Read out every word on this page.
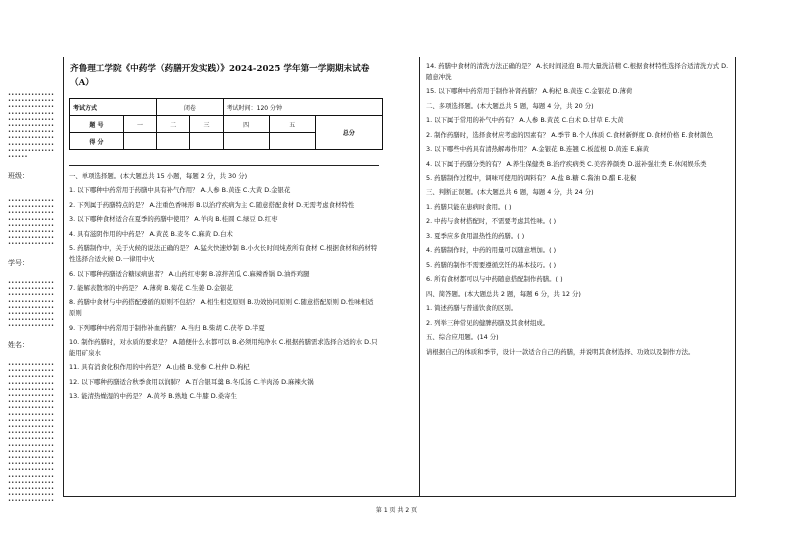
••••••••••••••••••••••••••••••••••••••••••••••••••••••••••••••••••••••••••••••••••••••••••••••••••••••••••••••••••••••••••••••••••••••••••••••••••
班级：
••••••••••••••••••••••••••••••••••••••••••••••••••••••••••••••••••••••••••••••••••••••••••••••••••••••••••••••••
学号：
••••••••••••••••••••••••••••••••••••••••••••••••••••••••••••••••••••••••••••••••••••••••••••••••••••••••••••••••
姓名：
••••••••••••••••••••••••••••••••••••••••••••••••••••••••••••••••••••••••••••••••••••••••••••••••••••••••••••••••••••••••••••••••••••••••••••••••••••••••••••••••••••••••••••••••••••••••••••••••••••••••••••••••••••••••••••••••••••••••••••••••••••••••••••••••••••••••••••••••••••••••••••••••••••••••••••••••••••••••••••••••••
齐鲁理工学院《中药学（药膳开发实践）》2024-2025 学年第一学期期末试卷（A）
考试方式		闭卷		考试时间：120 分钟		
题 号	一	二	三	四	五	总分
得 分						

一、单项选择题。(本大题总共 15 小题，每题 2 分，共 30 分)

1. 以下哪种中药常用于药膳中具有补气作用？ A.人参 B.黄连 C.大黄 D.金银花

2. 下列属于药膳特点的是？ A.注重色香味形 B.以治疗疾病为主 C.随意搭配食材 D.无需考虑食材特性

3. 以下哪种食材适合在夏季的药膳中使用？ A.羊肉 B.桂圆 C.绿豆 D.红枣

4. 具有滋阴作用的中药是？ A.黄芪 B.麦冬 C.麻黄 D.白术

5. 药膳制作中，关于火候的说法正确的是？ A.猛火快速炒制 B.小火长时间炖煮所有食材 C.根据食材和药材特性选择合适火候 D.一律用中火

6. 以下哪种药膳适合糖尿病患者？ A.山药红枣粥 B.凉拌苦瓜 C.麻辣香锅 D.油炸鸡腿

7. 能解表散寒的中药是？ A.薄荷 B.菊花 C.生姜 D.金银花

8. 药膳中食材与中药搭配遵循的原则不包括？ A.相生相克原则 B.功效协同原则 C.随意搭配原则 D.性味相适原则

9. 下列哪种中药常用于制作补血药膳？ A.当归 B.柴胡 C.茯苓 D.半夏

10. 制作药膳时，对水质的要求是？ A.随便什么水都可以 B.必须用纯净水 C.根据药膳需求选择合适的水 D.只能用矿泉水

11. 具有消食化积作用的中药是？ A.山楂 B.党参 C.杜仲 D.枸杞

12. 以下哪种药膳适合秋季食用以润肺？ A.百合银耳羹 B.冬瓜汤 C.羊肉汤 D.麻辣火锅

13. 能清热燥湿的中药是？ A.黄芩 B.熟地 C.牛膝 D.桑寄生

14. 药膳中食材的清洗方法正确的是？ A.长时间浸泡 B.用大量洗洁精 C.根据食材特性选择合适清洗方式 D.随意冲洗

15. 以下哪种中药常用于制作补肾药膳？ A.枸杞 B.黄连 C.金银花 D.薄荷

二、多项选择题。(本大题总共 5 题，每题 4 分，共 20 分)

1. 以下属于常用的补气中药有？ A.人参 B.黄芪 C.白术 D.甘草 E.大黄

2. 制作药膳时，选择食材应考虑的因素有？ A.季节 B.个人体质 C.食材新鲜度 D.食材价格 E.食材颜色

3. 以下哪些中药具有清热解毒作用？ A.金银花 B.连翘 C.板蓝根 D.黄连 E.麻黄

4. 以下属于药膳分类的有？ A.养生保健类 B.治疗疾病类 C.美容养颜类 D.滋补强壮类 E.休闲娱乐类

5. 药膳制作过程中，调味可使用的调料有？ A.盐 B.糖 C.酱油 D.醋 E.花椒

三、判断正误题。(本大题总共 6 题，每题 4 分，共 24 分)

1. 药膳只能在患病时食用。( )

2. 中药与食材搭配时，不需要考虑其性味。( )

3. 夏季应多食用温热性的药膳。( )

4. 药膳制作时，中药的用量可以随意增加。( )

5. 药膳的制作不需要遵循烹饪的基本技巧。( )

6. 所有食材都可以与中药随意搭配制作药膳。( )

四、简答题。(本大题总共 2 题，每题 6 分，共 12 分)

1. 简述药膳与普通饮食的区别。

2. 列举三种常见的健脾药膳及其食材组成。

五、综合应用题。(14 分)

请根据自己的体质和季节，设计一款适合自己的药膳，并说明其食材选择、功效以及制作方法。

第 1 页 共 2 页
